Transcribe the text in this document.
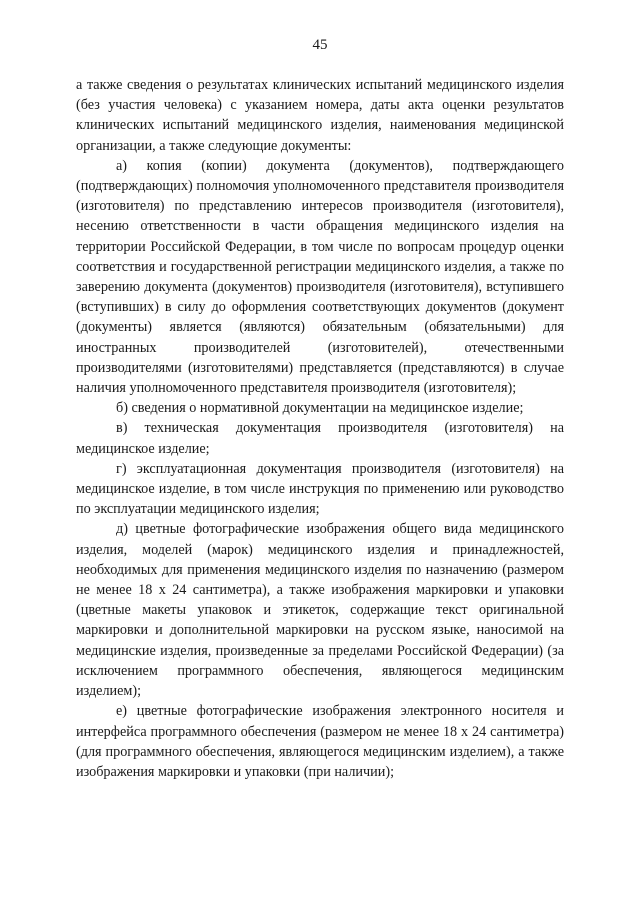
45

а также сведения о результатах клинических испытаний медицинского изделия (без участия человека) с указанием номера, даты акта оценки результатов клинических испытаний медицинского изделия, наименования медицинской организации, а также следующие документы:

а) копия (копии) документа (документов), подтверждающего (подтверждающих) полномочия уполномоченного представителя производителя (изготовителя) по представлению интересов производителя (изготовителя), несению ответственности в части обращения медицинского изделия на территории Российской Федерации, в том числе по вопросам процедур оценки соответствия и государственной регистрации медицинского изделия, а также по заверению документа (документов) производителя (изготовителя), вступившего (вступивших) в силу до оформления соответствующих документов (документ (документы) является (являются) обязательным (обязательными) для иностранных производителей (изготовителей), отечественными производителями (изготовителями) представляется (представляются) в случае наличия уполномоченного представителя производителя (изготовителя);

б) сведения о нормативной документации на медицинское изделие;

в) техническая документация производителя (изготовителя) на медицинское изделие;

г) эксплуатационная документация производителя (изготовителя) на медицинское изделие, в том числе инструкция по применению или руководство по эксплуатации медицинского изделия;

д) цветные фотографические изображения общего вида медицинского изделия, моделей (марок) медицинского изделия и принадлежностей, необходимых для применения медицинского изделия по назначению (размером не менее 18 х 24 сантиметра), а также изображения маркировки и упаковки (цветные макеты упаковок и этикеток, содержащие текст оригинальной маркировки и дополнительной маркировки на русском языке, наносимой на медицинские изделия, произведенные за пределами Российской Федерации) (за исключением программного обеспечения, являющегося медицинским изделием);

е) цветные фотографические изображения электронного носителя и интерфейса программного обеспечения (размером не менее 18 х 24 сантиметра) (для программного обеспечения, являющегося медицинским изделием), а также изображения маркировки и упаковки (при наличии);
